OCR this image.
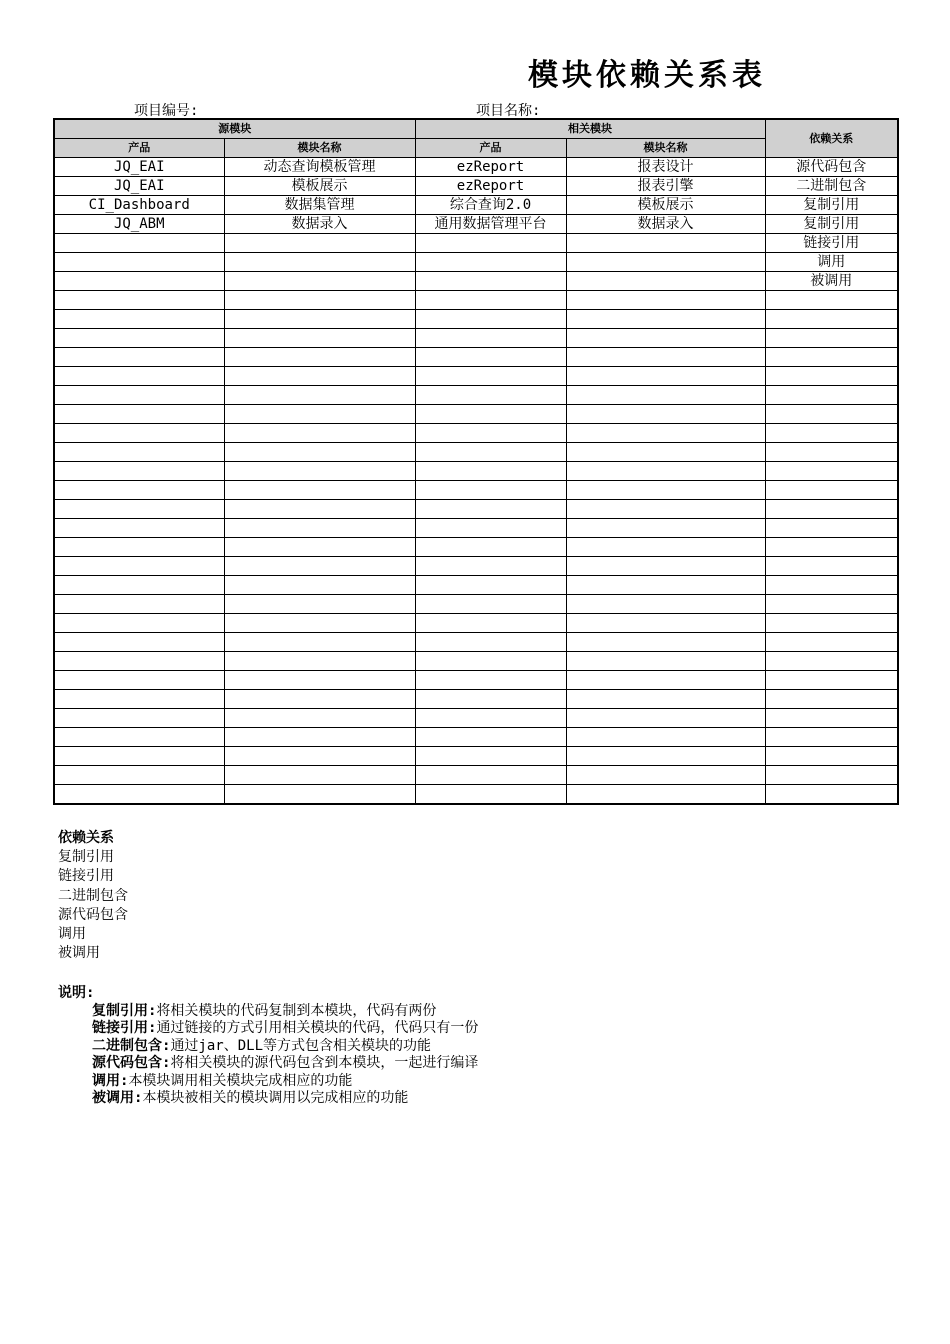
模块依赖关系表
项目编号:	项目名称:
源模块		相关模块		依赖关系
产品	模块名称	产品	模块名称	
JQ_EAI	动态查询模板管理	ezReport	报表设计	源代码包含
JQ_EAI	模板展示	ezReport	报表引擎	二进制包含
CI_Dashboard	数据集管理	综合查询2.0	模板展示	复制引用
JQ_ABM	数据录入	通用数据管理平台	数据录入	复制引用
				链接引用
				调用
				被调用

依赖关系
复制引用
链接引用
二进制包含
源代码包含
调用
被调用
说明:
复制引用:将相关模块的代码复制到本模块，代码有两份
链接引用:通过链接的方式引用相关模块的代码，代码只有一份
二进制包含:通过jar、DLL等方式包含相关模块的功能
源代码包含:将相关模块的源代码包含到本模块，一起进行编译
调用:本模块调用相关模块完成相应的功能
被调用:本模块被相关的模块调用以完成相应的功能
